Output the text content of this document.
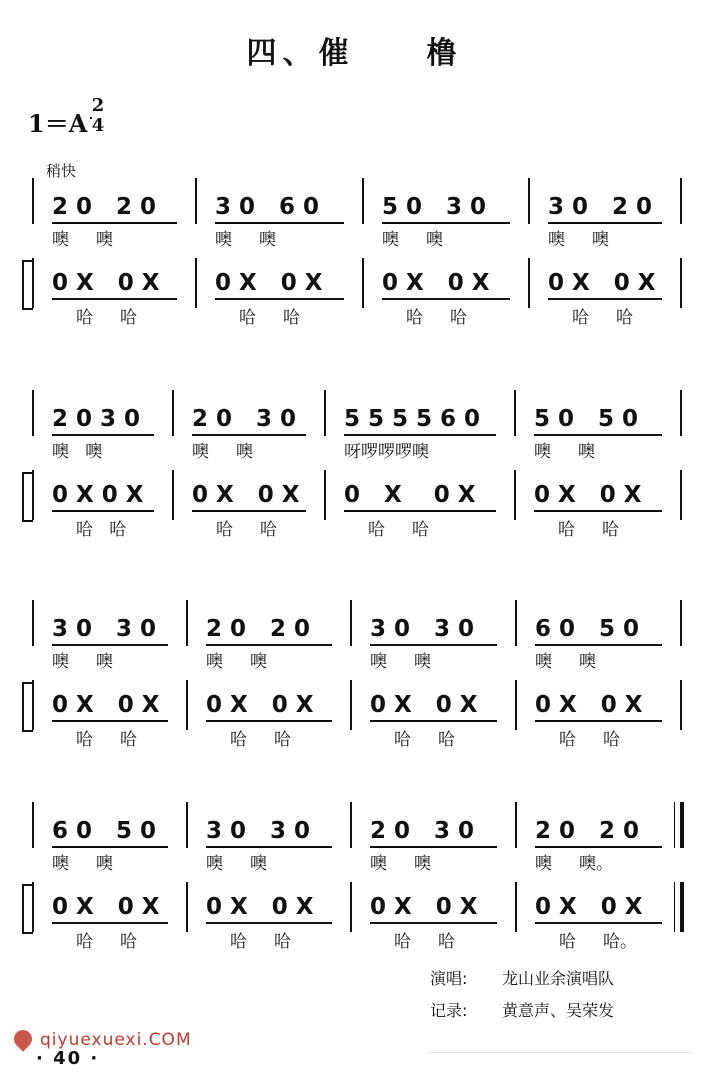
四、催　　橹
1＝A
2
4
稍快
2 0   2 0
噢     噢
0 X   0 X
哈     哈
3 0   6 0
噢     噢
0 X   0 X
哈     哈
5 0   3 0
噢     噢
0 X   0 X
哈     哈
3 0   2 0
噢     噢
0 X   0 X
哈     哈
2 0 3 0
噢   噢
0 X 0 X
哈   哈
2 0   3 0
噢     噢
0 X   0 X
哈     哈
5 5 5 5 6 0
呀啰啰啰噢
0   X    0 X
哈     哈
5 0   5 0
噢     噢
0 X   0 X
哈     哈
3 0   3 0
噢     噢
0 X   0 X
哈     哈
2 0   2 0
噢     噢
0 X   0 X
哈     哈
3 0   3 0
噢     噢
0 X   0 X
哈     哈
6 0   5 0
噢     噢
0 X   0 X
哈     哈
6 0   5 0
噢     噢
0 X   0 X
哈     哈
3 0   3 0
噢     噢
0 X   0 X
哈     哈
2 0   3 0
噢     噢
0 X   0 X
哈     哈
2 0   2 0
噢     噢。
0 X   0 X
哈     哈。
演唱: 龙山业余演唱队
记录: 黄意声、吴荣发
qiyuexuexi.COM
· 40 ·
